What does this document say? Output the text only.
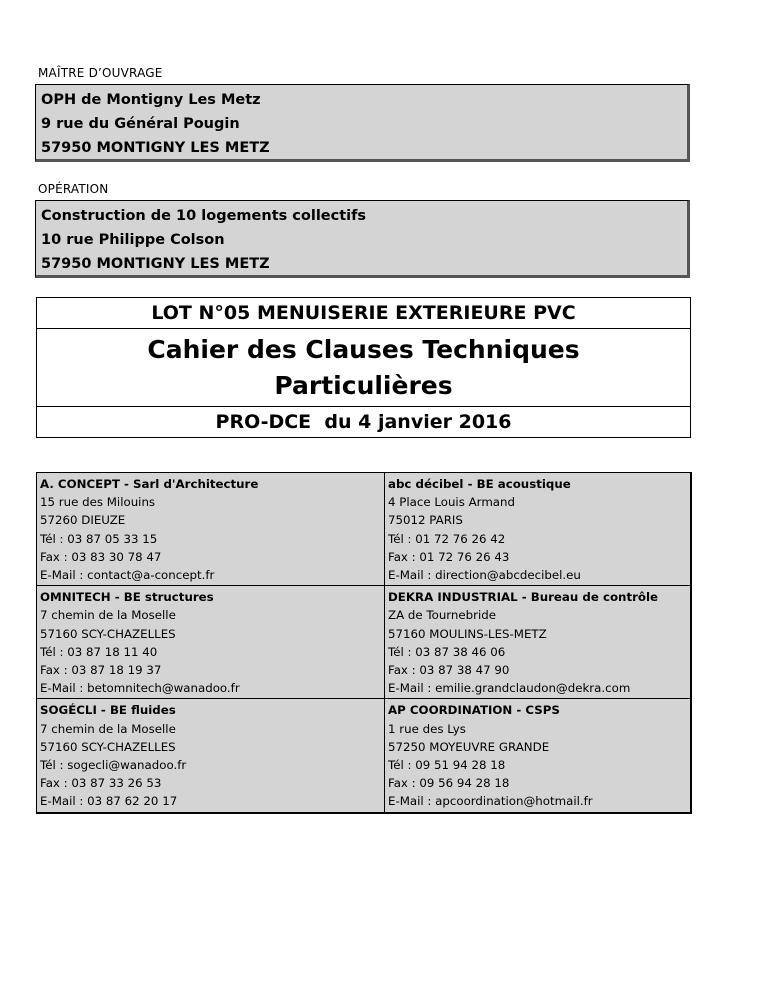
MAÎTRE D’OUVRAGE
OPH de Montigny Les Metz
9 rue du Général Pougin
57950 MONTIGNY LES METZ
OPÉRATION
Construction de 10 logements collectifs
10 rue Philippe Colson
57950 MONTIGNY LES METZ
LOT N°05 MENUISERIE EXTERIEURE PVC
Cahier des Clauses Techniques
Particulières
PRO-DCE du 4 janvier 2016
A. CONCEPT - Sarl d'Architecture
15 rue des Milouins
57260 DIEUZE
Tél : 03 87 05 33 15
Fax : 03 83 30 78 47
E-Mail : contact@a-concept.fr
abc décibel - BE acoustique
4 Place Louis Armand
75012 PARIS
Tél : 01 72 76 26 42
Fax : 01 72 76 26 43
E-Mail : direction@abcdecibel.eu
OMNITECH - BE structures
7 chemin de la Moselle
57160 SCY-CHAZELLES
Tél : 03 87 18 11 40
Fax : 03 87 18 19 37
E-Mail : betomnitech@wanadoo.fr
DEKRA INDUSTRIAL - Bureau de contrôle
ZA de Tournebride
57160 MOULINS-LES-METZ
Tél : 03 87 38 46 06
Fax : 03 87 38 47 90
E-Mail : emilie.grandclaudon@dekra.com
SOGÉCLI - BE fluides
7 chemin de la Moselle
57160 SCY-CHAZELLES
Tél : sogecli@wanadoo.fr
Fax : 03 87 33 26 53
E-Mail : 03 87 62 20 17
AP COORDINATION - CSPS
1 rue des Lys
57250 MOYEUVRE GRANDE
Tél : 09 51 94 28 18
Fax : 09 56 94 28 18
E-Mail : apcoordination@hotmail.fr
